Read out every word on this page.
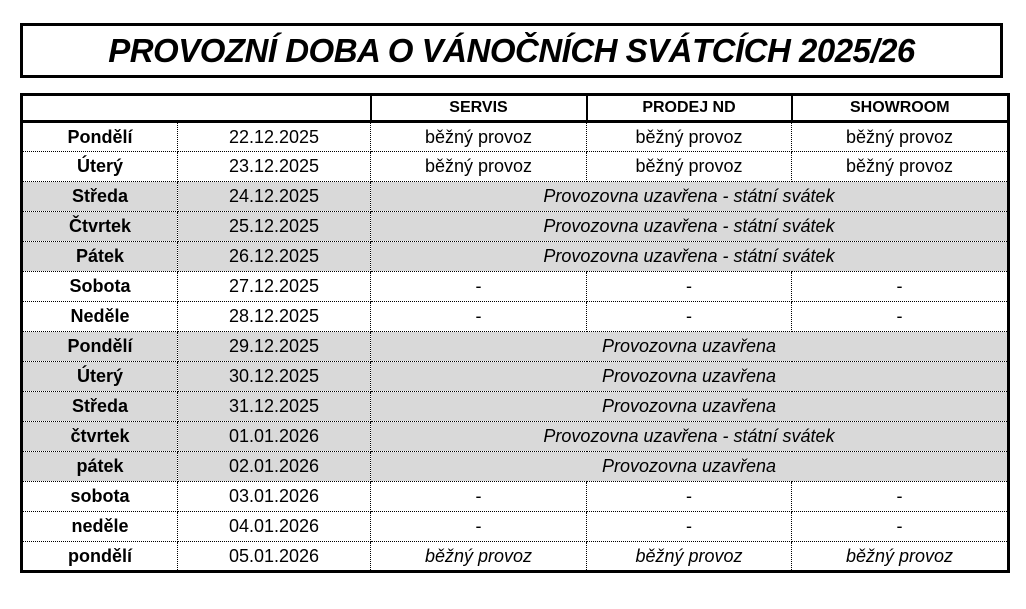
PROVOZNÍ DOBA O VÁNOČNÍCH SVÁTCÍCH 2025/26
		SERVIS	PRODEJ ND	SHOWROOM
Pondělí	22.12.2025	běžný provoz	běžný provoz	běžný provoz
Úterý	23.12.2025	běžný provoz	běžný provoz	běžný provoz
Středa	24.12.2025	Provozovna uzavřena - státní svátek		
Čtvrtek	25.12.2025	Provozovna uzavřena - státní svátek		
Pátek	26.12.2025	Provozovna uzavřena - státní svátek		
Sobota	27.12.2025	-	-	-
Neděle	28.12.2025	-	-	-
Pondělí	29.12.2025	Provozovna uzavřena		
Úterý	30.12.2025	Provozovna uzavřena		
Středa	31.12.2025	Provozovna uzavřena		
čtvrtek	01.01.2026	Provozovna uzavřena - státní svátek		
pátek	02.01.2026	Provozovna uzavřena		
sobota	03.01.2026	-	-	-
neděle	04.01.2026	-	-	-
pondělí	05.01.2026	běžný provoz	běžný provoz	běžný provoz
